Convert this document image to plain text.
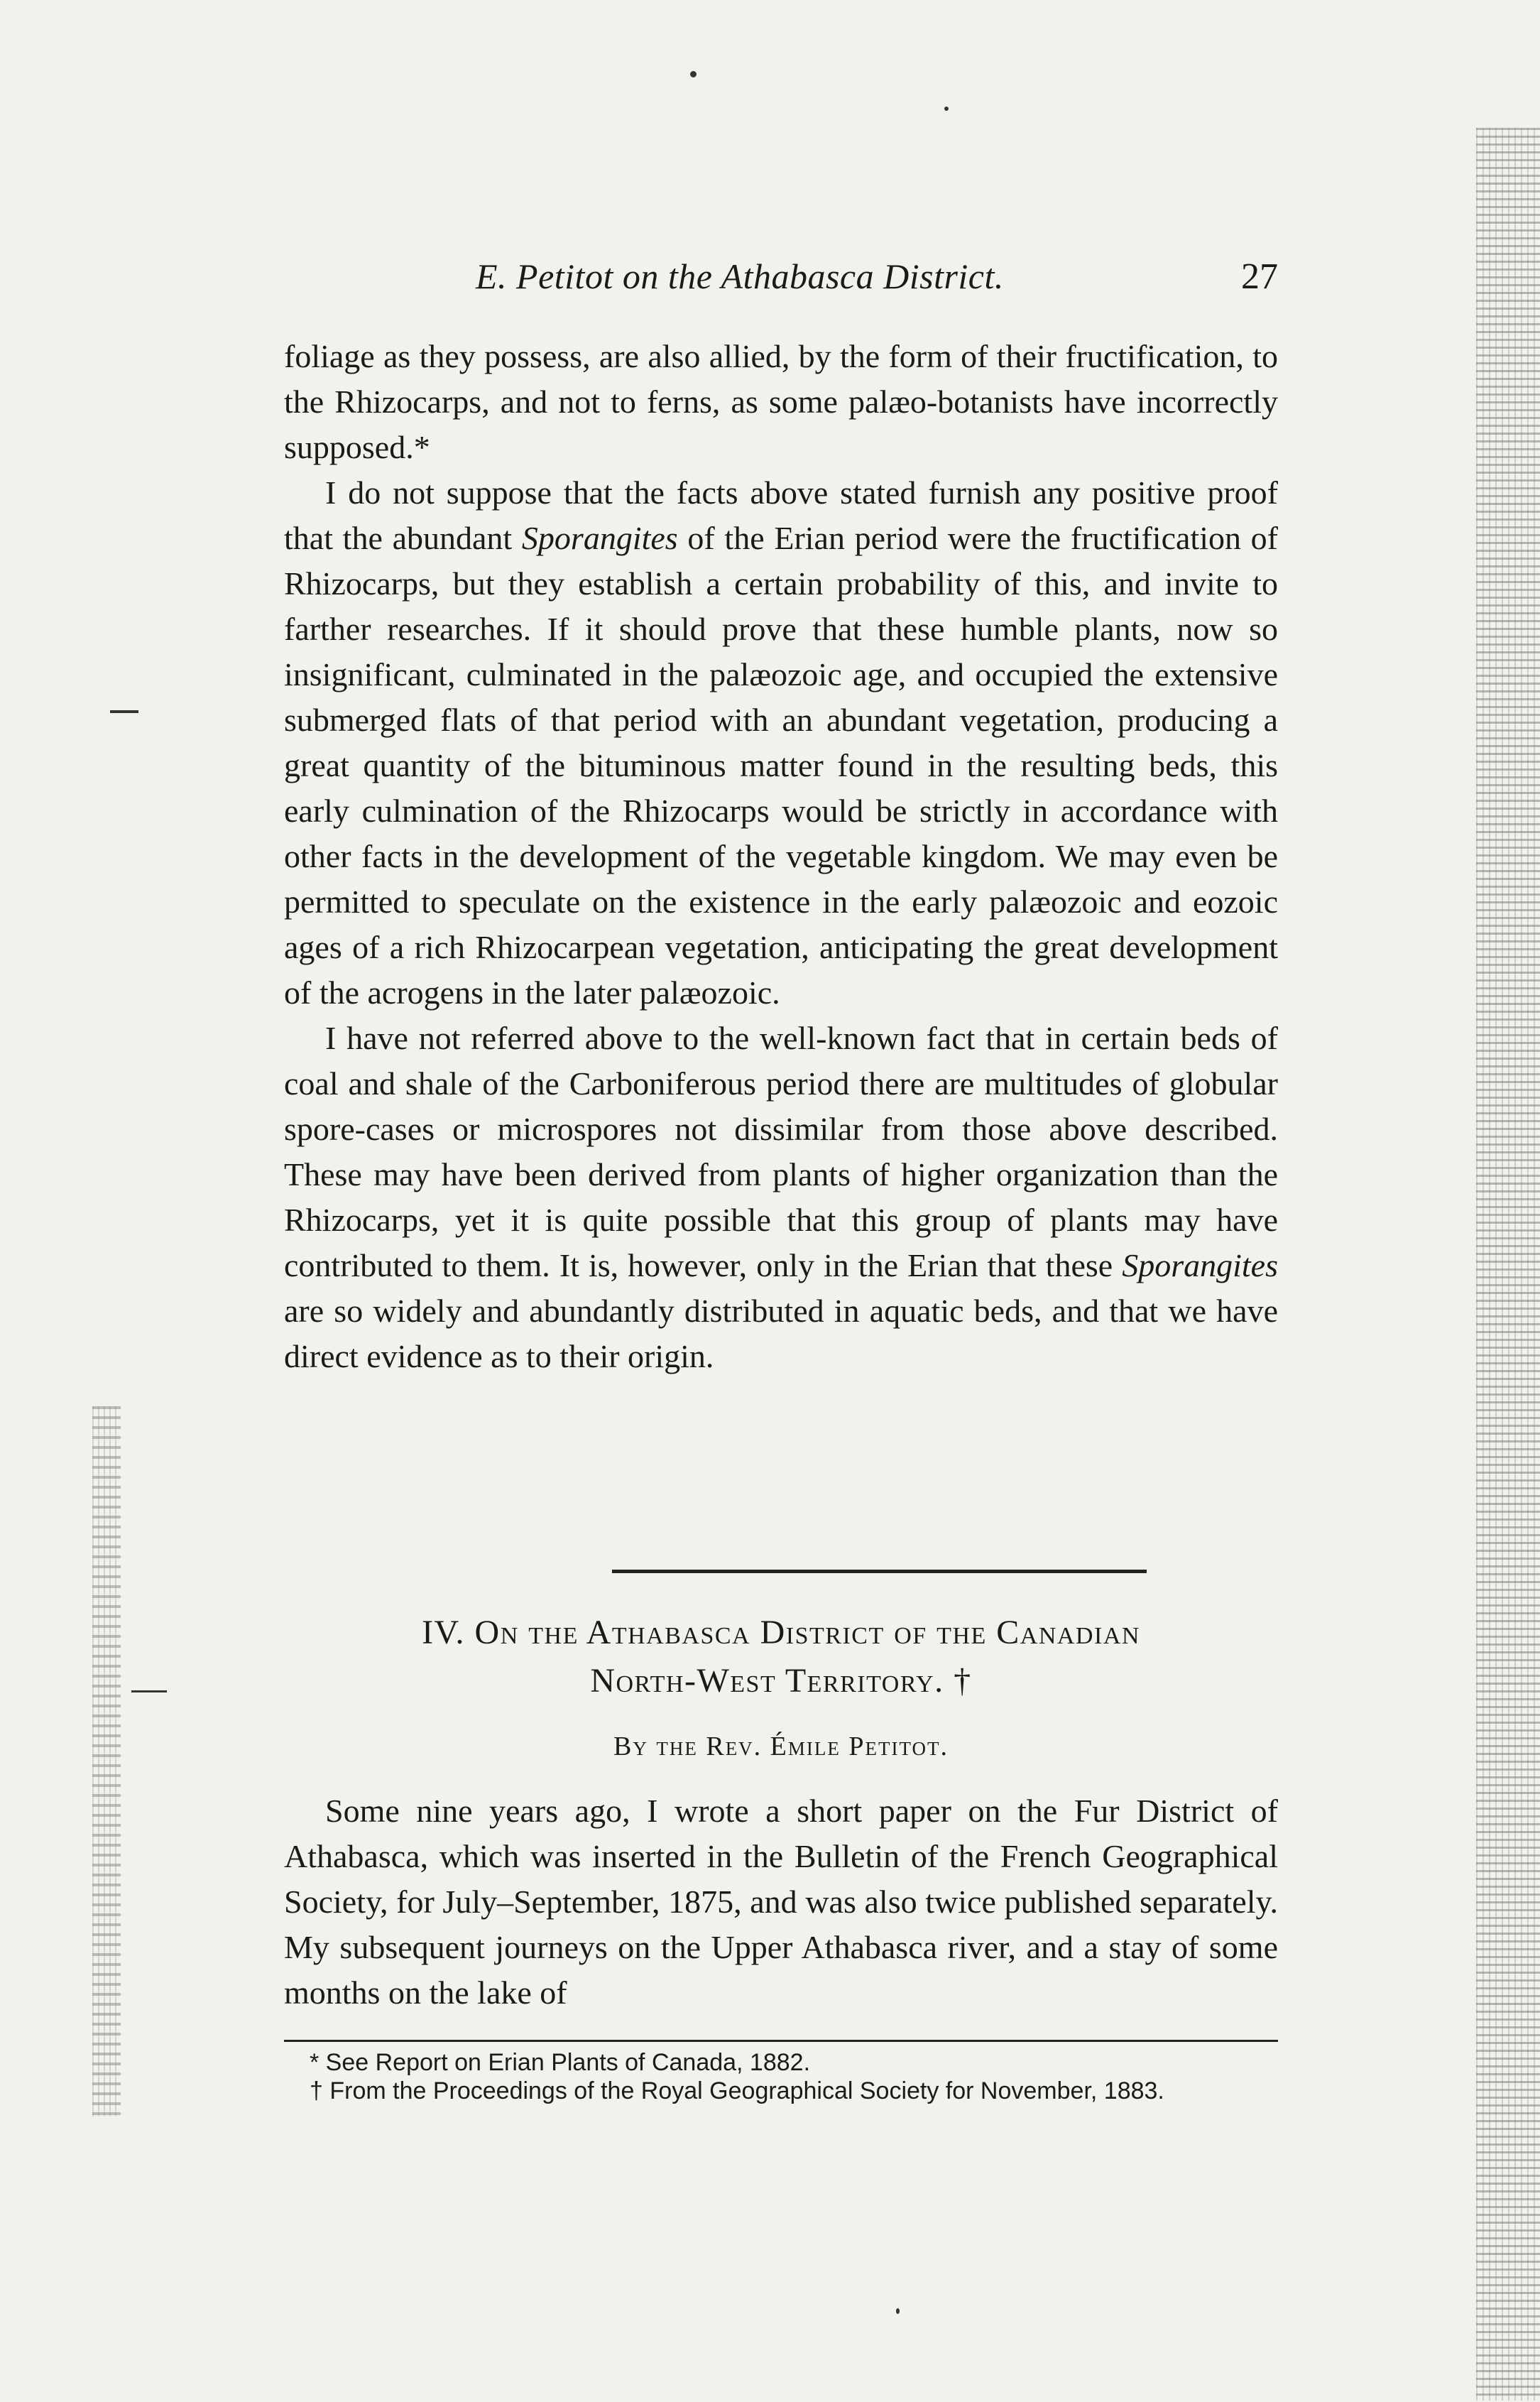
E. Petitot on the Athabasca District.	27

foliage as they possess, are also allied, by the form of their fructification, to the Rhizocarps, and not to ferns, as some palæo-botanists have incorrectly supposed.*

I do not suppose that the facts above stated furnish any positive proof that the abundant Sporangites of the Erian period were the fructification of Rhizocarps, but they establish a certain probability of this, and invite to farther researches. If it should prove that these humble plants, now so insignificant, culminated in the palæozoic age, and occupied the extensive submerged flats of that period with an abundant vegetation, producing a great quantity of the bituminous matter found in the resulting beds, this early culmination of the Rhizocarps would be strictly in accordance with other facts in the development of the vegetable kingdom. We may even be permitted to speculate on the existence in the early palæozoic and eozoic ages of a rich Rhizocarpean vegetation, anticipating the great development of the acrogens in the later palæozoic.

I have not referred above to the well-known fact that in certain beds of coal and shale of the Carboniferous period there are multitudes of globular spore-cases or microspores not dissimilar from those above described. These may have been derived from plants of higher organization than the Rhizocarps, yet it is quite possible that this group of plants may have contributed to them. It is, however, only in the Erian that these Sporangites are so widely and abundantly distributed in aquatic beds, and that we have direct evidence as to their origin.

IV. On the Athabasca District of the Canadian
North-West Territory. †
By the Rev. Émile Petitot.

Some nine years ago, I wrote a short paper on the Fur District of Athabasca, which was inserted in the Bulletin of the French Geographical Society, for July–September, 1875, and was also twice published separately. My subsequent journeys on the Upper Athabasca river, and a stay of some months on the lake of

* See Report on Erian Plants of Canada, 1882.

† From the Proceedings of the Royal Geographical Society for November, 1883.
